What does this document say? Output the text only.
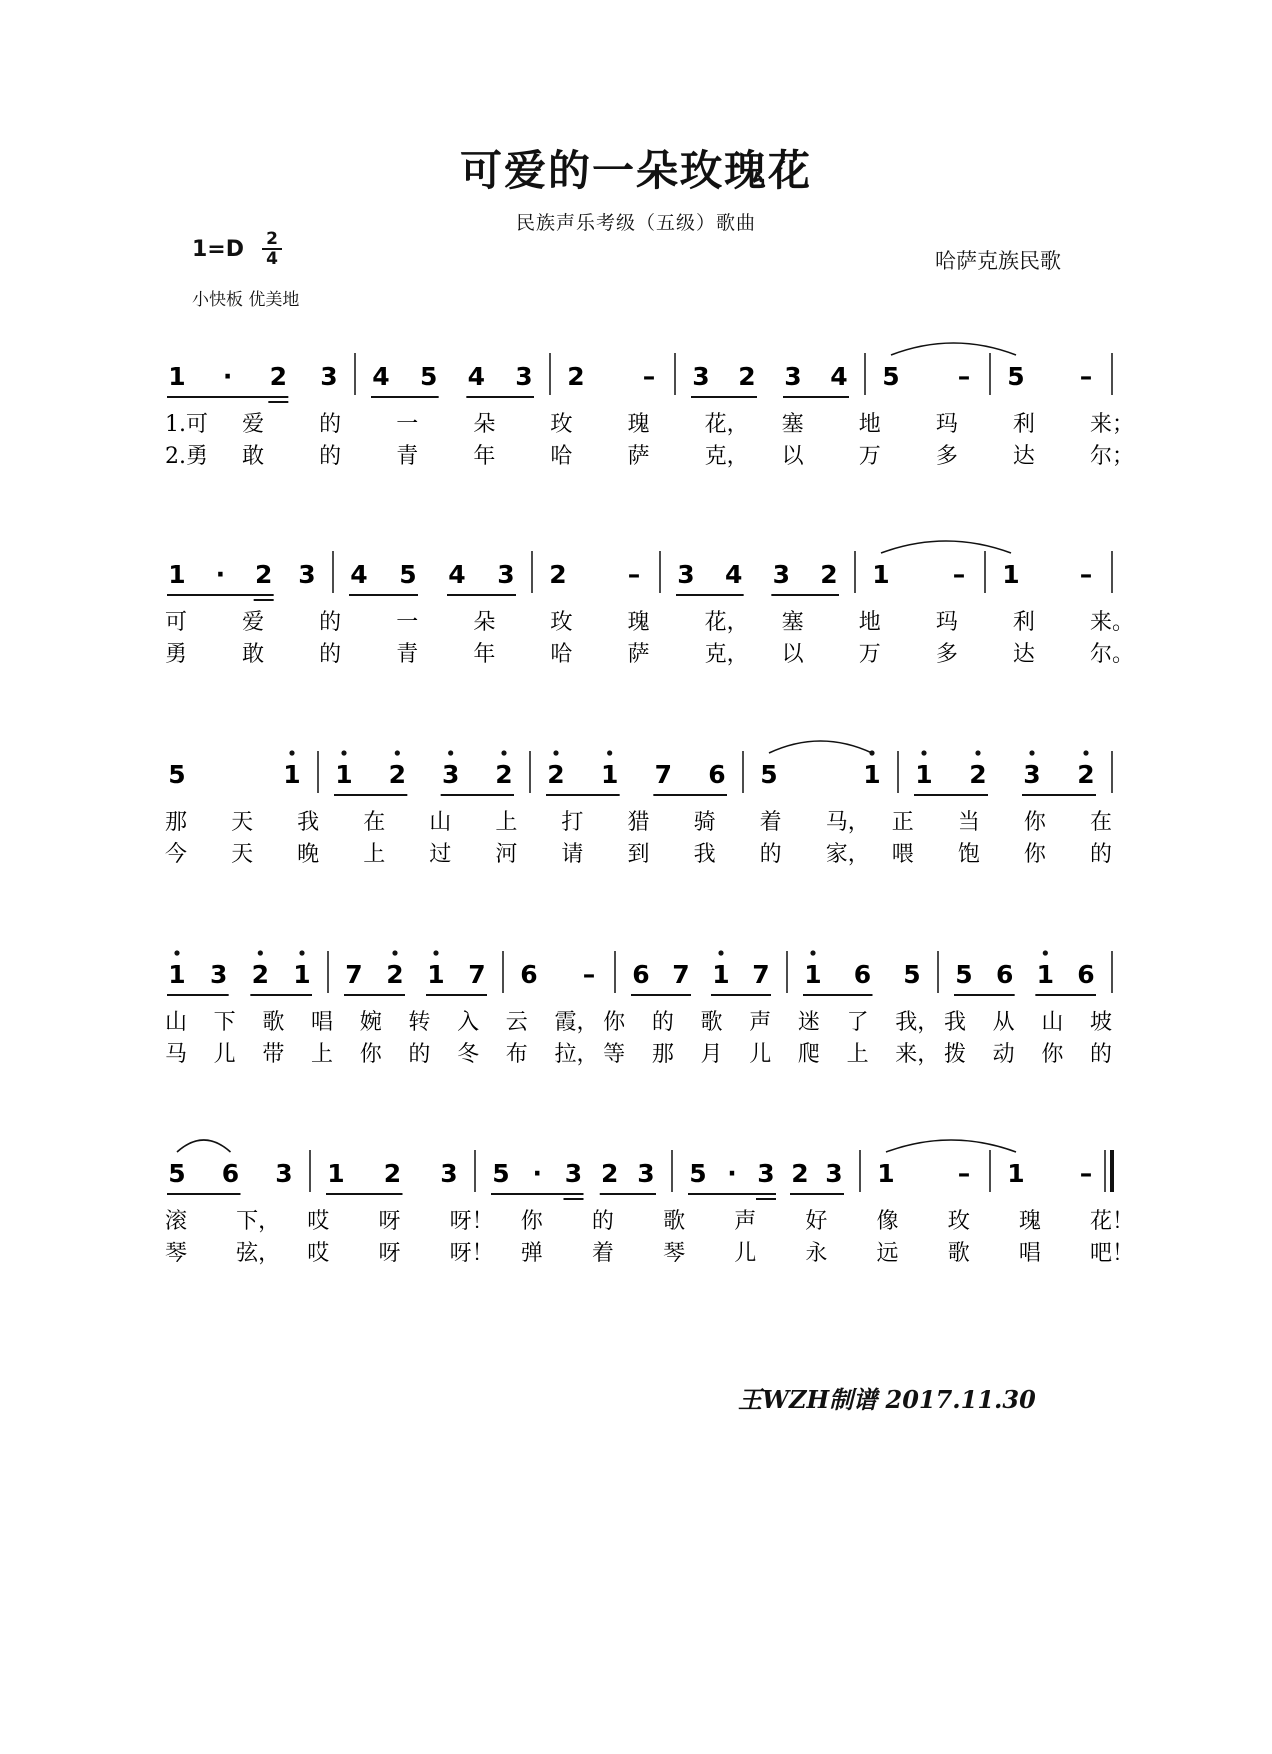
可爱的一朵玫瑰花
民族声乐考级（五级）歌曲
1=D 2
4	哈萨克族民歌
小快板 优美地
1 · 2 3 4 5 4 3 2 – 3 2 3 4 5 – 5 –
1.可 爱	的	一	朵	玫	瑰	花， 塞	地	玛	利	来；
2.勇 敢	的	青	年	哈	萨	克， 以	万	多	达	尔；
1 · 2 3 4 5 4 3 2 – 3 4 3 2 1	– 1 –
可	爱	的	一	朵	玫	瑰	花， 塞	地	玛	利	来。
勇	敢	的	青	年	哈	萨	克， 以	万	多	达	尔。
5	1 1 2 3 2 2 1 7 6 5	1 1 2 3 2
那 天 我 在 山 上 打 猎 骑 着 马， 正 当 你 在
今 天 晚 上 过 河 请 到 我 的 家， 喂 饱 你 的
1 3 2 1 7 2 1 7 6 – 6 7 1 7 1 6 5 5 6 1 6
山 下 歌 唱 婉 转 入 云 霞， 你 的 歌 声 迷 了 我， 我 从 山 坡
马 儿 带 上 你 的 冬 布 拉， 等 那 月 儿 爬 上 来， 拨 动 你 的
5 6 3 1 2 3 5 · 3 2 3 5 · 3 2 3 1	– 1 –
滚 下， 哎 呀 呀！ 你 的 歌 声 好 像 玫 瑰 花！
琴 弦， 哎 呀 呀！ 弹 着 琴 儿 永 远 歌 唱 吧！
王WZH制谱 2017.11.30
